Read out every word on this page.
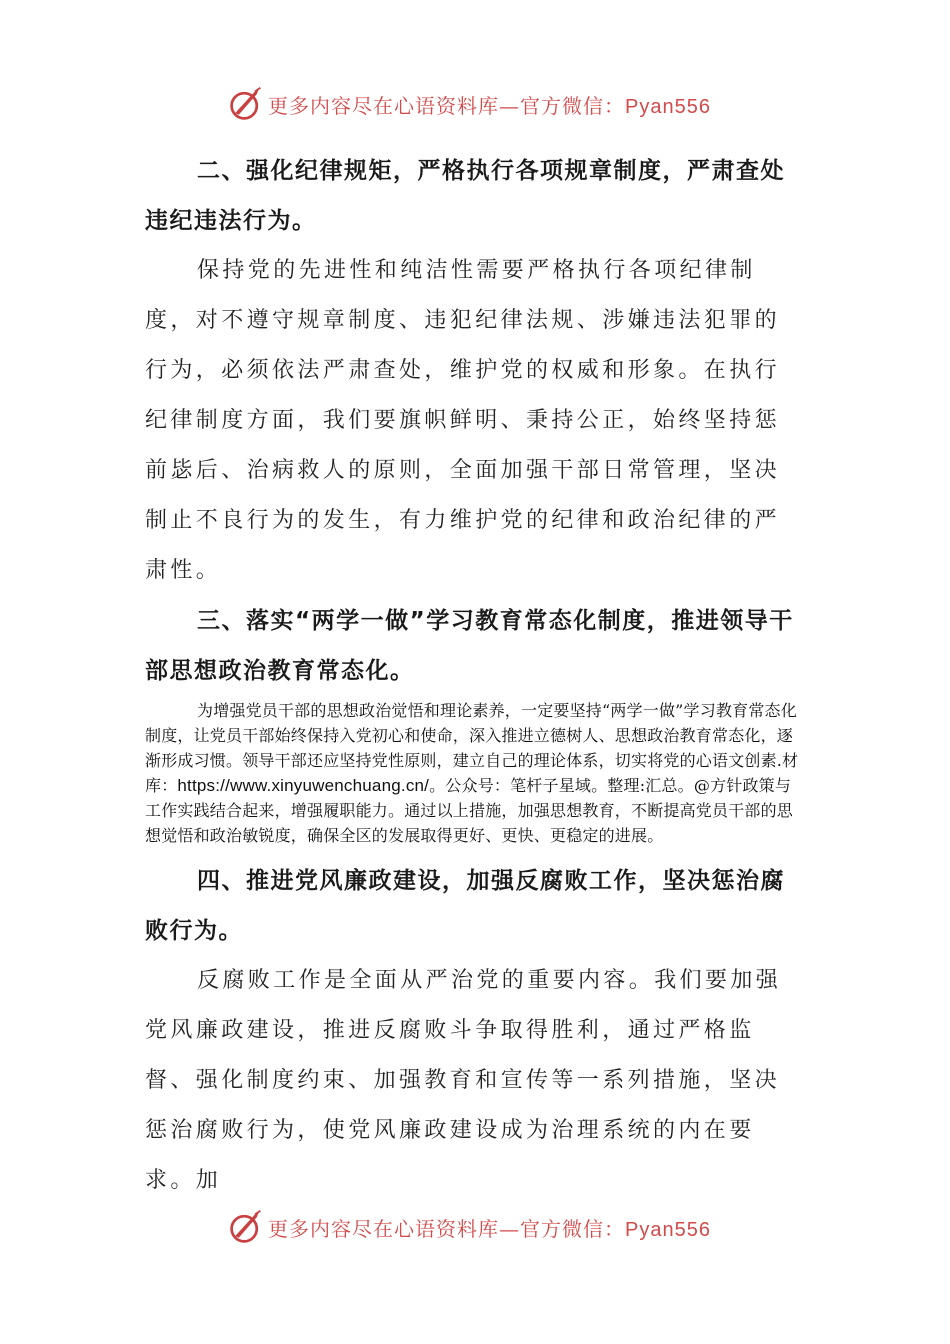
更多内容尽在心语资料库—官方微信：Pyan556

二、强化纪律规矩，严格执行各项规章制度，严肃查处违纪违法行为。

保持党的先进性和纯洁性需要严格执行各项纪律制度，对不遵守规章制度、违犯纪律法规、涉嫌违法犯罪的行为，必须依法严肃查处，维护党的权威和形象。在执行纪律制度方面，我们要旗帜鲜明、秉持公正，始终坚持惩前毖后、治病救人的原则，全面加强干部日常管理，坚决制止不良行为的发生，有力维护党的纪律和政治纪律的严肃性。

三、落实“两学一做”学习教育常态化制度，推进领导干部思想政治教育常态化。

为增强党员干部的思想政治觉悟和理论素养，一定要坚持“两学一做”学习教育常态化制度，让党员干部始终保持入党初心和使命，深入推进立德树人、思想政治教育常态化，逐渐形成习惯。领导干部还应坚持党性原则，建立自己的理论体系，切实将党的心语文创素.材库：https://www.xinyuwenchuang.cn/。公众号：笔杆子星域。整理:汇总。@方针政策与工作实践结合起来，增强履职能力。通过以上措施，加强思想教育，不断提高党员干部的思想觉悟和政治敏锐度，确保全区的发展取得更好、更快、更稳定的进展。

四、推进党风廉政建设，加强反腐败工作，坚决惩治腐败行为。

反腐败工作是全面从严治党的重要内容。我们要加强党风廉政建设，推进反腐败斗争取得胜利，通过严格监督、强化制度约束、加强教育和宣传等一系列措施，坚决惩治腐败行为，使党风廉政建设成为治理系统的内在要求。加

更多内容尽在心语资料库—官方微信：Pyan556
